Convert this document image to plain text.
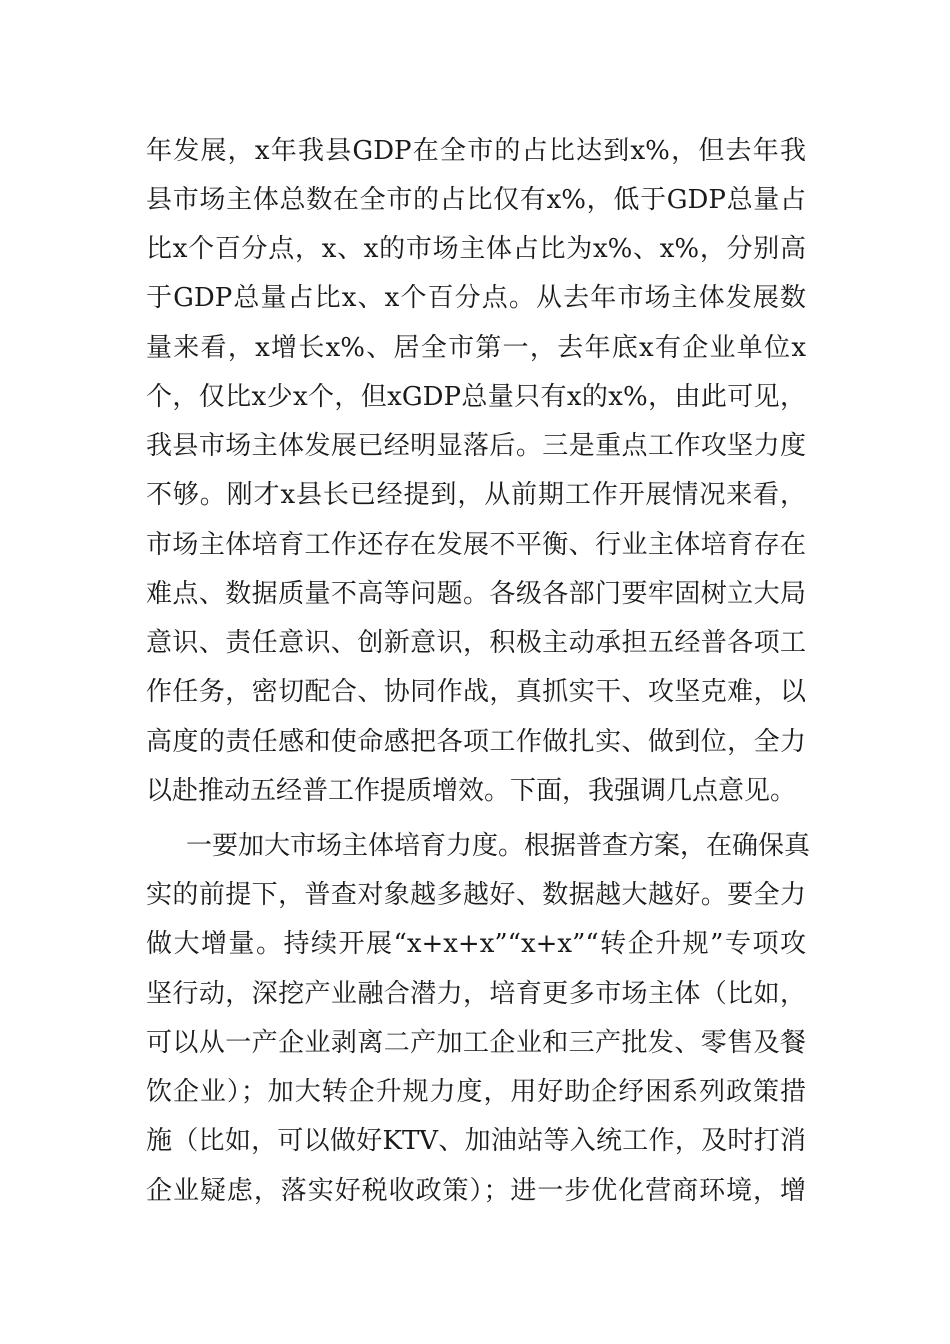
年发展，x年我县GDP在全市的占比达到x%，但去年我
县市场主体总数在全市的占比仅有x%，低于GDP总量占
比x个百分点，x、x的市场主体占比为x%、x%，分别高
于GDP总量占比x、x个百分点。从去年市场主体发展数
量来看，x增长x%、居全市第一，去年底x有企业单位x
个，仅比x少x个，但xGDP总量只有x的x%，由此可见，
我县市场主体发展已经明显落后。三是重点工作攻坚力度
不够。刚才x县长已经提到，从前期工作开展情况来看，
市场主体培育工作还存在发展不平衡、行业主体培育存在
难点、数据质量不高等问题。各级各部门要牢固树立大局
意识、责任意识、创新意识，积极主动承担五经普各项工
作任务，密切配合、协同作战，真抓实干、攻坚克难，以
高度的责任感和使命感把各项工作做扎实、做到位，全力
以赴推动五经普工作提质增效。下面，我强调几点意见。
一要加大市场主体培育力度。根据普查方案，在确保真
实的前提下，普查对象越多越好、数据越大越好。要全力
做大增量。持续开展“x+x+x”“x+x”“转企升规”专项攻
坚行动，深挖产业融合潜力，培育更多市场主体（比如，
可以从一产企业剥离二产加工企业和三产批发、零售及餐
饮企业）；加大转企升规力度，用好助企纾困系列政策措
施（比如，可以做好KTV、加油站等入统工作，及时打消
企业疑虑，落实好税收政策）；进一步优化营商环境，增
